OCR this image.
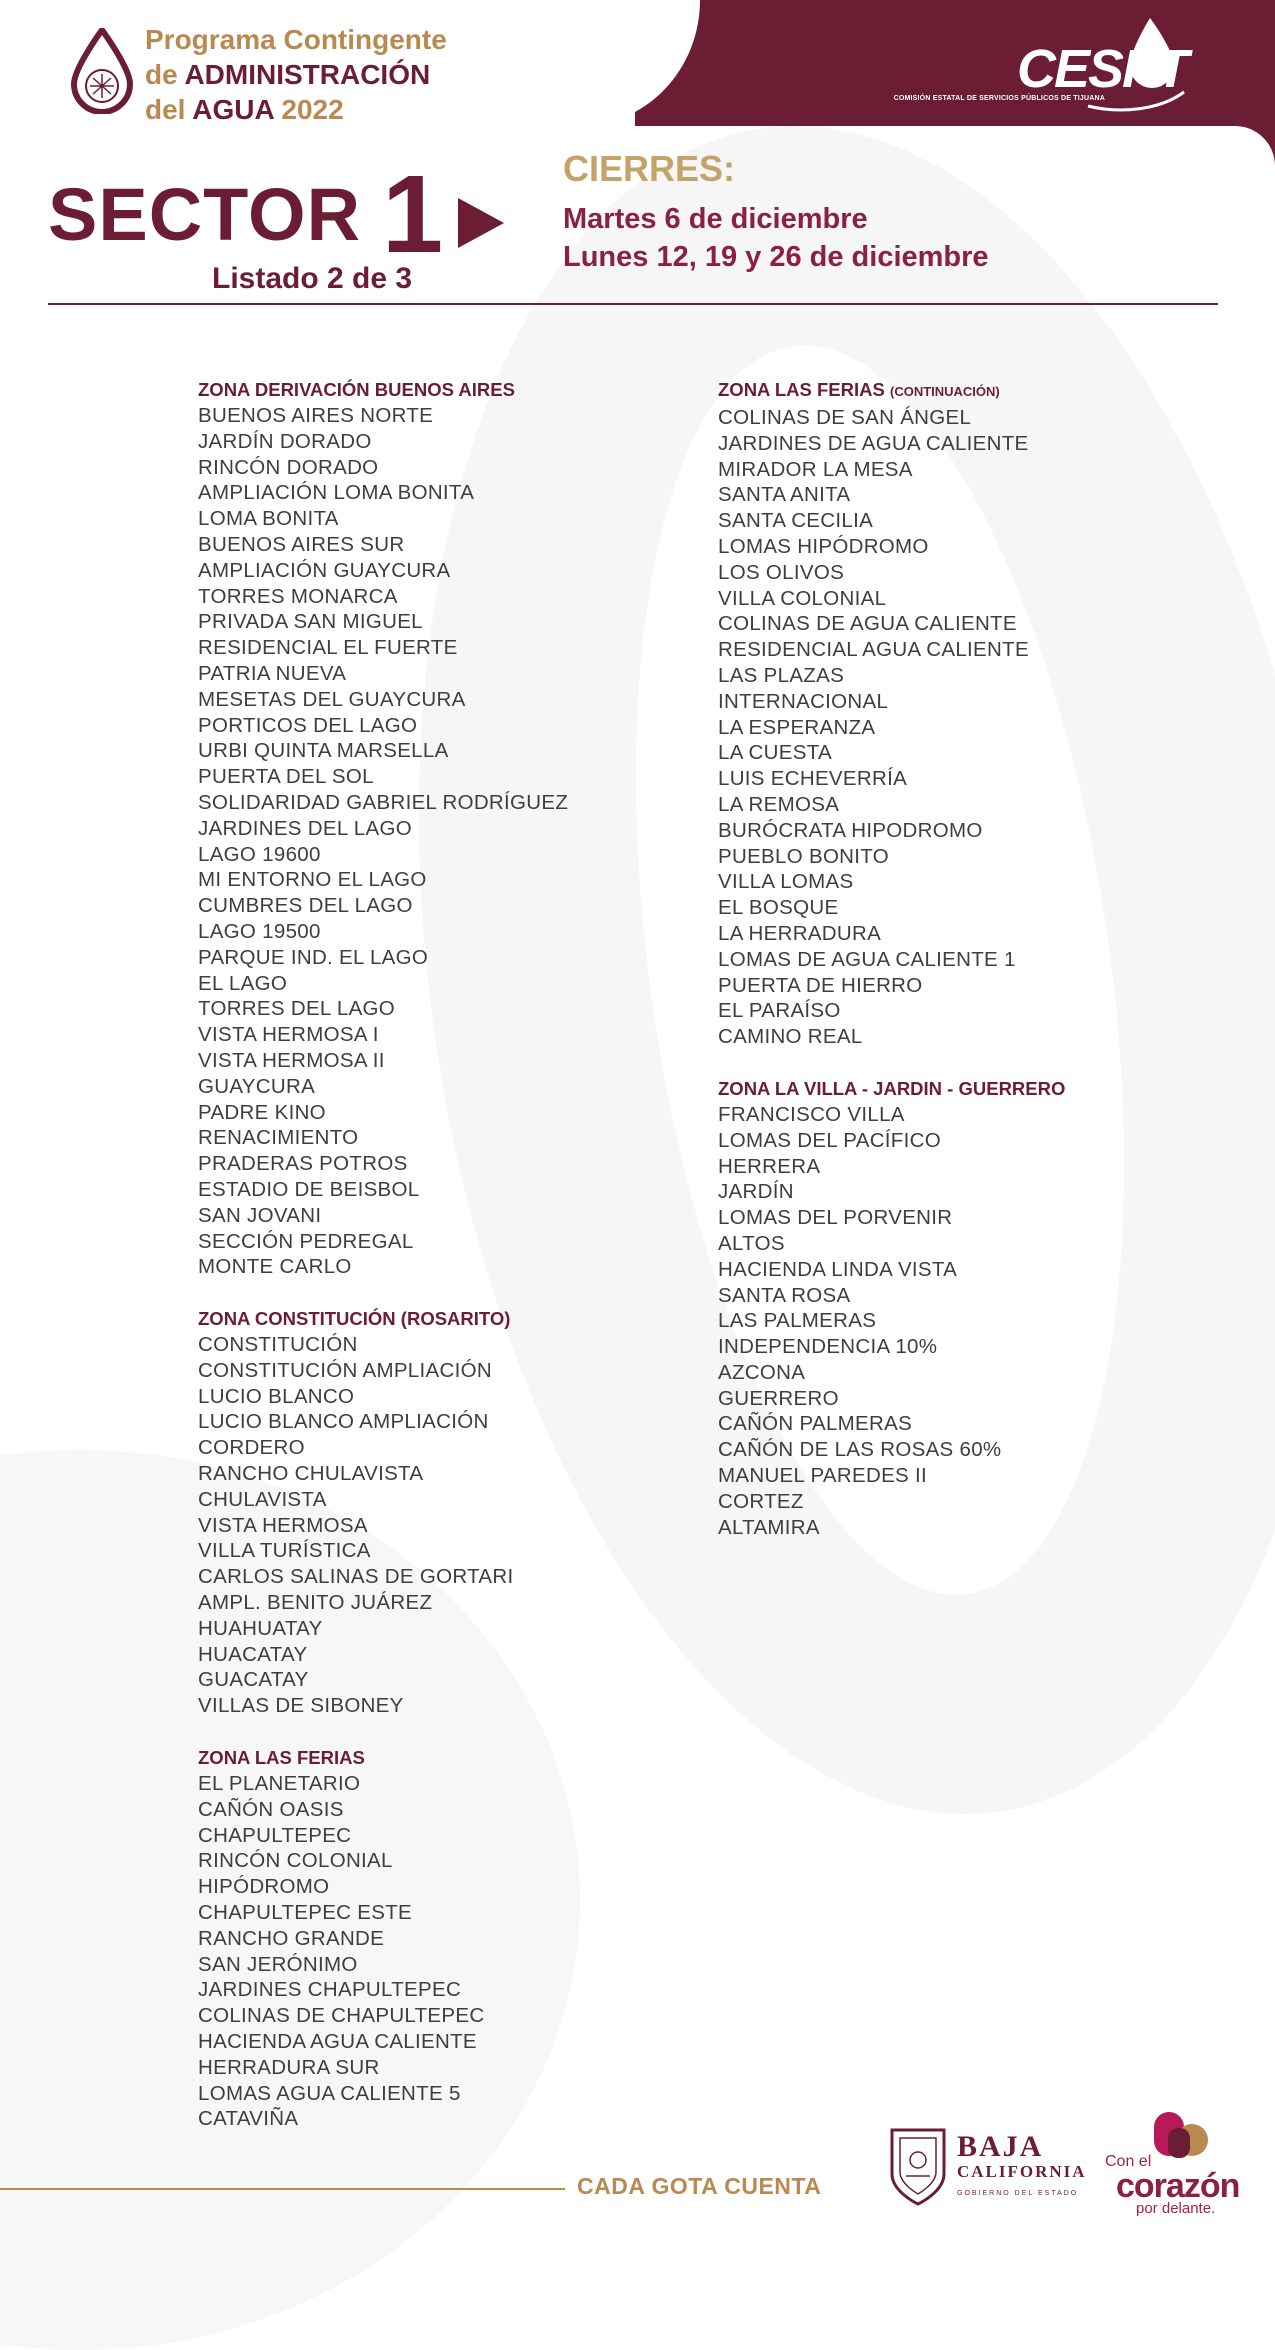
Programa Contingente
de ADMINISTRACIÓN
del AGUA 2022
CESPT
COMISIÓN ESTATAL DE SERVICIOS PÚBLICOS DE TIJUANA
SECTOR 1
Listado 2 de 3
CIERRES:
Martes 6 de diciembre
Lunes 12, 19 y 26 de diciembre
ZONA DERIVACIÓN BUENOS AIRES
BUENOS AIRES NORTE
JARDÍN DORADO
RINCÓN DORADO
AMPLIACIÓN LOMA BONITA
LOMA BONITA
BUENOS AIRES SUR
AMPLIACIÓN GUAYCURA
TORRES MONARCA
PRIVADA SAN MIGUEL
RESIDENCIAL EL FUERTE
PATRIA NUEVA
MESETAS DEL GUAYCURA
PORTICOS DEL LAGO
URBI QUINTA MARSELLA
PUERTA DEL SOL
SOLIDARIDAD GABRIEL RODRÍGUEZ
JARDINES DEL LAGO
LAGO 19600
MI ENTORNO EL LAGO
CUMBRES DEL LAGO
LAGO 19500
PARQUE IND. EL LAGO
EL LAGO
TORRES DEL LAGO
VISTA HERMOSA I
VISTA HERMOSA II
GUAYCURA
PADRE KINO
RENACIMIENTO
PRADERAS POTROS
ESTADIO DE BEISBOL
SAN JOVANI
SECCIÓN PEDREGAL
MONTE CARLO
ZONA CONSTITUCIÓN (ROSARITO)
CONSTITUCIÓN
CONSTITUCIÓN AMPLIACIÓN
LUCIO BLANCO
LUCIO BLANCO AMPLIACIÓN
CORDERO
RANCHO CHULAVISTA
CHULAVISTA
VISTA HERMOSA
VILLA TURÍSTICA
CARLOS SALINAS DE GORTARI
AMPL. BENITO JUÁREZ
HUAHUATAY
HUACATAY
GUACATAY
VILLAS DE SIBONEY
ZONA LAS FERIAS
EL PLANETARIO
CAÑÓN OASIS
CHAPULTEPEC
RINCÓN COLONIAL
HIPÓDROMO
CHAPULTEPEC ESTE
RANCHO GRANDE
SAN JERÓNIMO
JARDINES CHAPULTEPEC
COLINAS DE CHAPULTEPEC
HACIENDA AGUA CALIENTE
HERRADURA SUR
LOMAS AGUA CALIENTE 5
CATAVIÑA
ZONA LAS FERIAS (CONTINUACIÓN)
COLINAS DE SAN ÁNGEL
JARDINES DE AGUA CALIENTE
MIRADOR LA MESA
SANTA ANITA
SANTA CECILIA
LOMAS HIPÓDROMO
LOS OLIVOS
VILLA COLONIAL
COLINAS DE AGUA CALIENTE
RESIDENCIAL AGUA CALIENTE
LAS PLAZAS
INTERNACIONAL
LA ESPERANZA
LA CUESTA
LUIS ECHEVERRÍA
LA REMOSA
BURÓCRATA HIPODROMO
PUEBLO BONITO
VILLA LOMAS
EL BOSQUE
LA HERRADURA
LOMAS DE AGUA CALIENTE 1
PUERTA DE HIERRO
EL PARAÍSO
CAMINO REAL
ZONA LA VILLA - JARDIN - GUERRERO
FRANCISCO VILLA
LOMAS DEL PACÍFICO
HERRERA
JARDÍN
LOMAS DEL PORVENIR
ALTOS
HACIENDA LINDA VISTA
SANTA ROSA
LAS PALMERAS
INDEPENDENCIA 10%
AZCONA
GUERRERO
CAÑÓN PALMERAS
CAÑÓN DE LAS ROSAS 60%
MANUEL PAREDES II
CORTEZ
ALTAMIRA
CADA GOTA CUENTA
BAJA
CALIFORNIA
GOBIERNO DEL ESTADO
Con el
corazón
por delante.
